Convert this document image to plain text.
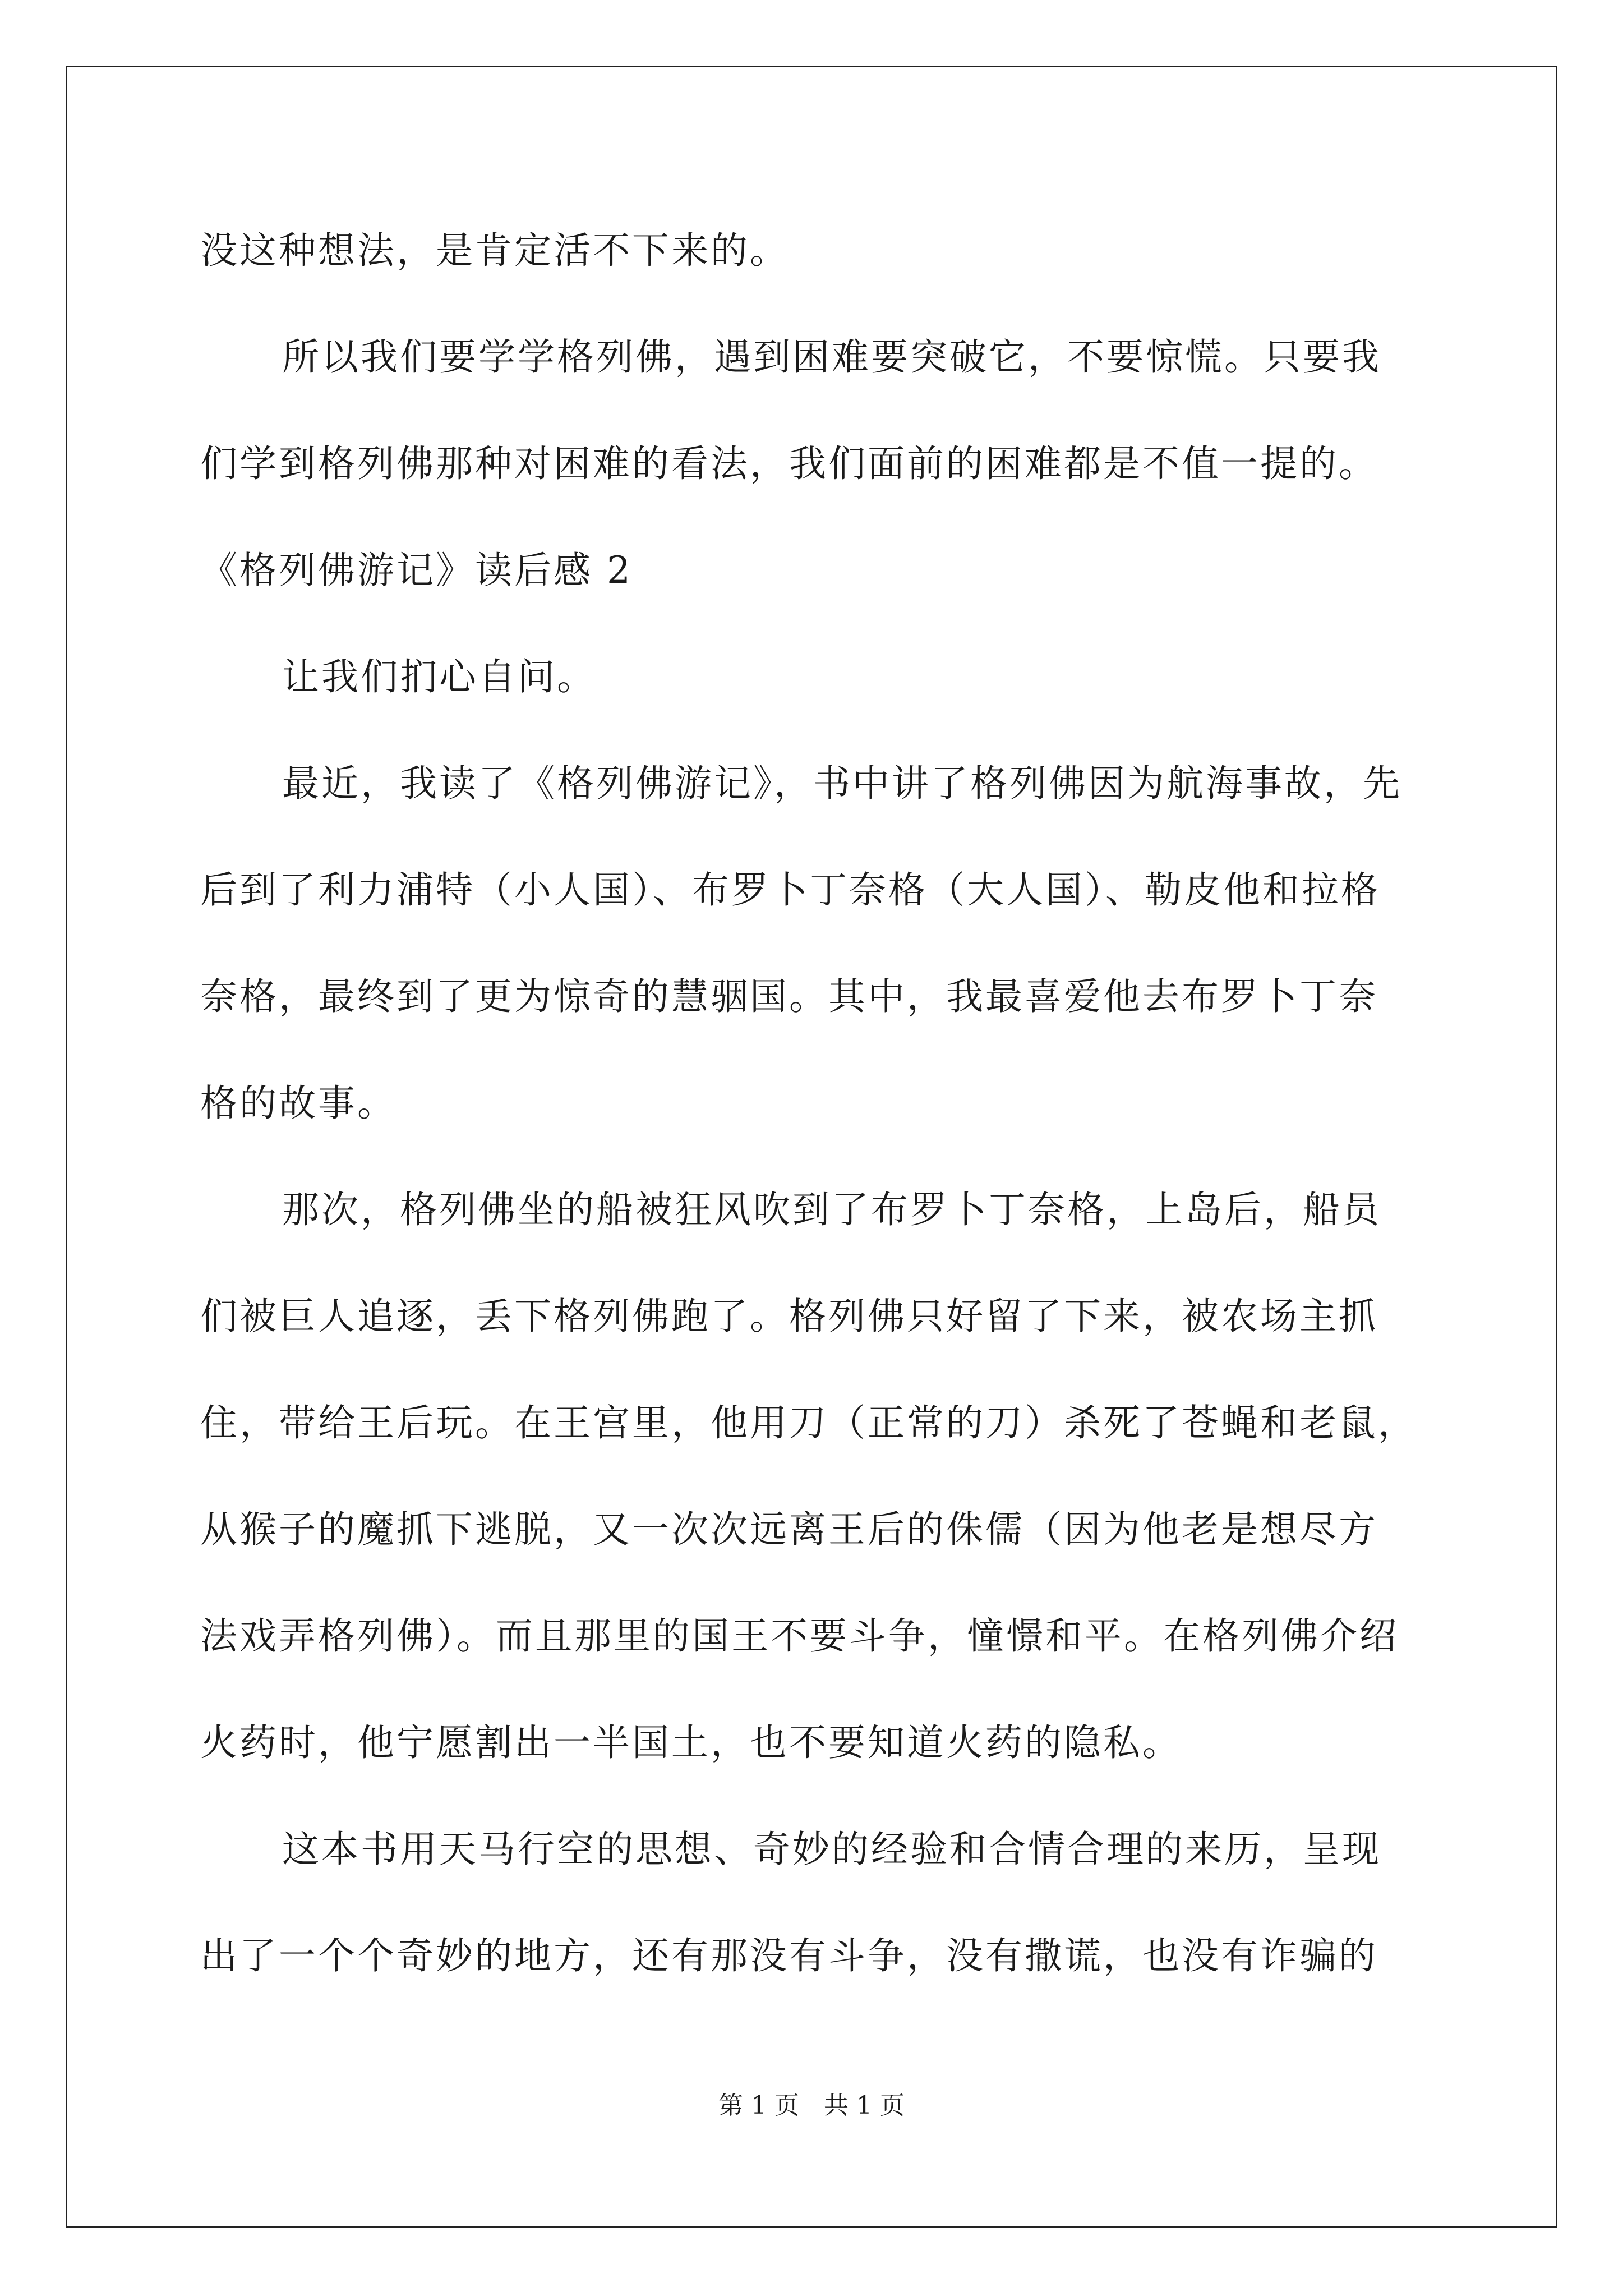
没这种想法，是肯定活不下来的。
所以我们要学学格列佛，遇到困难要突破它，不要惊慌。只要我
们学到格列佛那种对困难的看法，我们面前的困难都是不值一提的。
《格列佛游记》读后感 2
让我们扪心自问。
最近，我读了《格列佛游记》，书中讲了格列佛因为航海事故，先
后到了利力浦特（小人国）、布罗卜丁奈格（大人国）、勒皮他和拉格
奈格，最终到了更为惊奇的慧骃国。其中，我最喜爱他去布罗卜丁奈
格的故事。
那次，格列佛坐的船被狂风吹到了布罗卜丁奈格，上岛后，船员
们被巨人追逐，丢下格列佛跑了。格列佛只好留了下来，被农场主抓
住，带给王后玩。在王宫里，他用刀（正常的刀）杀死了苍蝇和老鼠，
从猴子的魔抓下逃脱，又一次次远离王后的侏儒（因为他老是想尽方
法戏弄格列佛）。而且那里的国王不要斗争，憧憬和平。在格列佛介绍
火药时，他宁愿割出一半国土，也不要知道火药的隐私。
这本书用天马行空的思想、奇妙的经验和合情合理的来历，呈现
出了一个个奇妙的地方，还有那没有斗争，没有撒谎，也没有诈骗的
第 1 页　共 1 页
